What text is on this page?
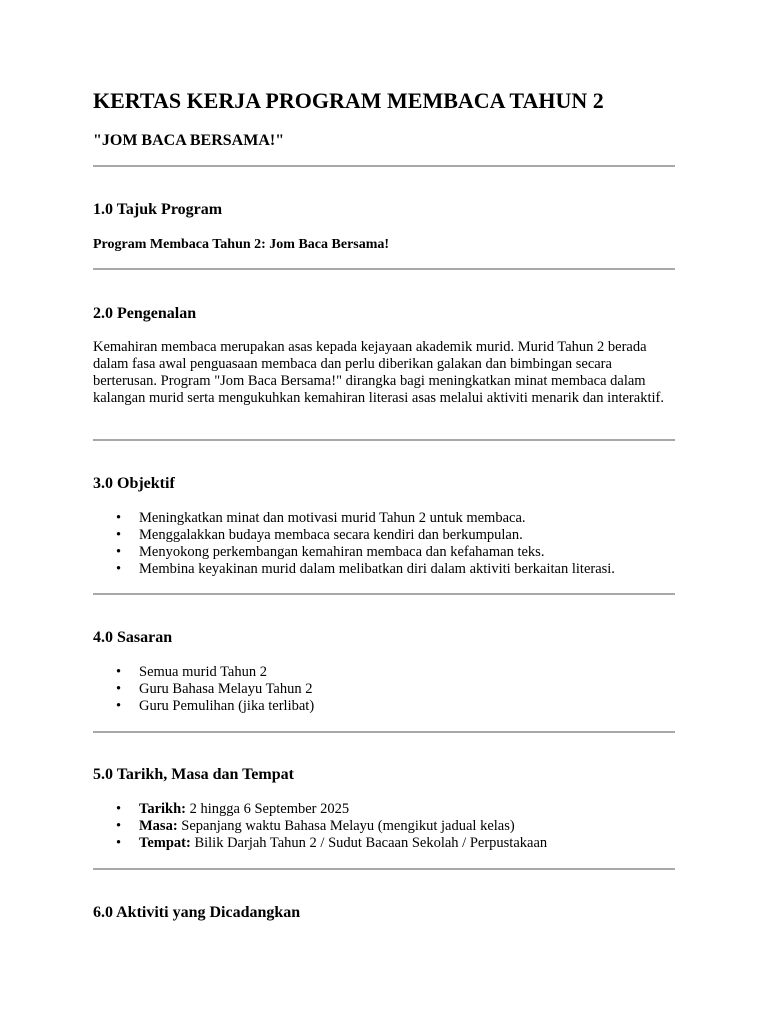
KERTAS KERJA PROGRAM MEMBACA TAHUN 2

"JOM BACA BERSAMA!"

1.0 Tajuk Program

Program Membaca Tahun 2: Jom Baca Bersama!

2.0 Pengenalan

Kemahiran membaca merupakan asas kepada kejayaan akademik murid. Murid Tahun 2 berada dalam fasa awal penguasaan membaca dan perlu diberikan galakan dan bimbingan secara berterusan. Program "Jom Baca Bersama!" dirangka bagi meningkatkan minat membaca dalam kalangan murid serta mengukuhkan kemahiran literasi asas melalui aktiviti menarik dan interaktif.

3.0 Objektif
• Meningkatkan minat dan motivasi murid Tahun 2 untuk membaca.
• Menggalakkan budaya membaca secara kendiri dan berkumpulan.
• Menyokong perkembangan kemahiran membaca dan kefahaman teks.
• Membina keyakinan murid dalam melibatkan diri dalam aktiviti berkaitan literasi.
4.0 Sasaran
• Semua murid Tahun 2
• Guru Bahasa Melayu Tahun 2
• Guru Pemulihan (jika terlibat)
5.0 Tarikh, Masa dan Tempat
• Tarikh: 2 hingga 6 September 2025
• Masa: Sepanjang waktu Bahasa Melayu (mengikut jadual kelas)
• Tempat: Bilik Darjah Tahun 2 / Sudut Bacaan Sekolah / Perpustakaan
6.0 Aktiviti yang Dicadangkan
